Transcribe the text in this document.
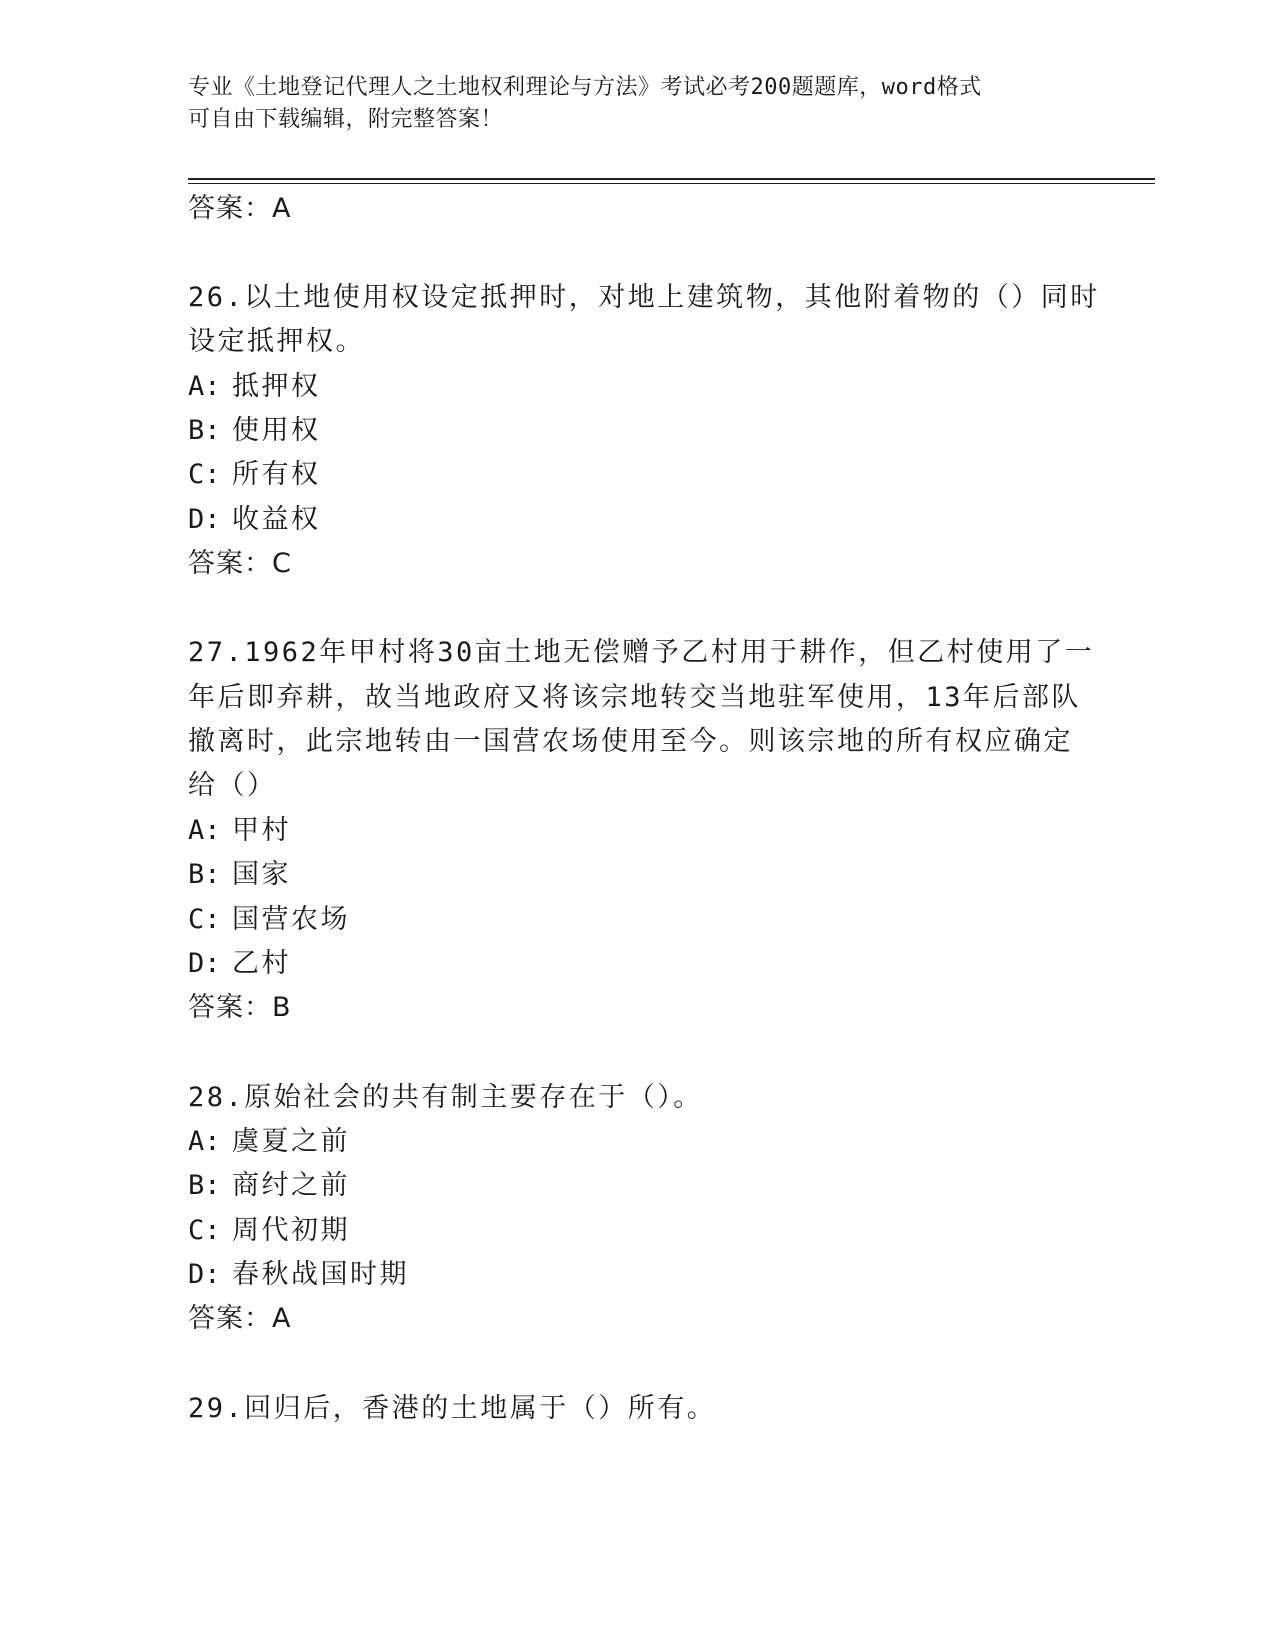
专业《土地登记代理人之土地权利理论与方法》考试必考200题题库，word格式
可自由下载编辑，附完整答案！
答案：A
26.以土地使用权设定抵押时，对地上建筑物，其他附着物的（）同时
设定抵押权。
A: 抵押权
B: 使用权
C: 所有权
D: 收益权
答案：C
27.1962年甲村将30亩土地无偿赠予乙村用于耕作，但乙村使用了一
年后即弃耕，故当地政府又将该宗地转交当地驻军使用，13年后部队
撤离时，此宗地转由一国营农场使用至今。则该宗地的所有权应确定
给（）
A: 甲村
B: 国家
C: 国营农场
D: 乙村
答案：B
28.原始社会的共有制主要存在于（）。
A: 虞夏之前
B: 商纣之前
C: 周代初期
D: 春秋战国时期
答案：A
29.回归后，香港的土地属于（）所有。
